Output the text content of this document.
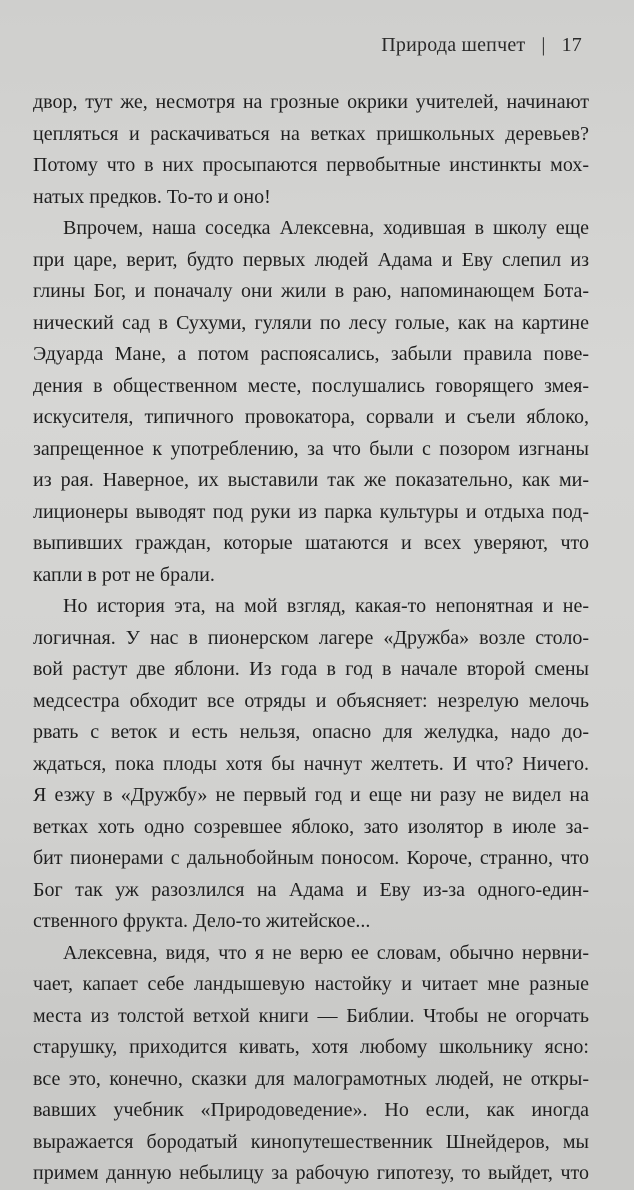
Природа шепчет | 17
двор, тут же, несмотря на грозные окрики учителей, начинают
цепляться и раскачиваться на ветках пришкольных деревьев?
Потому что в них просыпаются первобытные инстинкты мох-
натых предков. То-то и оно!
Впрочем, наша соседка Алексевна, ходившая в школу еще
при царе, верит, будто первых людей Адама и Еву слепил из
глины Бог, и поначалу они жили в раю, напоминающем Бота-
нический сад в Сухуми, гуляли по лесу голые, как на картине
Эдуарда Мане, а потом распоясались, забыли правила пове-
дения в общественном месте, послушались говорящего змея-
искусителя, типичного провокатора, сорвали и съели яблоко,
запрещенное к употреблению, за что были с позором изгнаны
из рая. Наверное, их выставили так же показательно, как ми-
лиционеры выводят под руки из парка культуры и отдыха под-
выпивших граждан, которые шатаются и всех уверяют, что
капли в рот не брали.
Но история эта, на мой взгляд, какая-то непонятная и не-
логичная. У нас в пионерском лагере «Дружба» возле столо-
вой растут две яблони. Из года в год в начале второй смены
медсестра обходит все отряды и объясняет: незрелую мелочь
рвать с веток и есть нельзя, опасно для желудка, надо до-
ждаться, пока плоды хотя бы начнут желтеть. И что? Ничего.
Я езжу в «Дружбу» не первый год и еще ни разу не видел на
ветках хоть одно созревшее яблоко, зато изолятор в июле за-
бит пионерами с дальнобойным поносом. Короче, странно, что
Бог так уж разозлился на Адама и Еву из-за одного-един-
ственного фрукта. Дело-то житейское...
Алексевна, видя, что я не верю ее словам, обычно нервни-
чает, капает себе ландышевую настойку и читает мне разные
места из толстой ветхой книги — Библии. Чтобы не огорчать
старушку, приходится кивать, хотя любому школьнику ясно:
все это, конечно, сказки для малограмотных людей, не откры-
вавших учебник «Природоведение». Но если, как иногда
выражается бородатый кинопутешественник Шнейдеров, мы
примем данную небылицу за рабочую гипотезу, то выйдет, что
